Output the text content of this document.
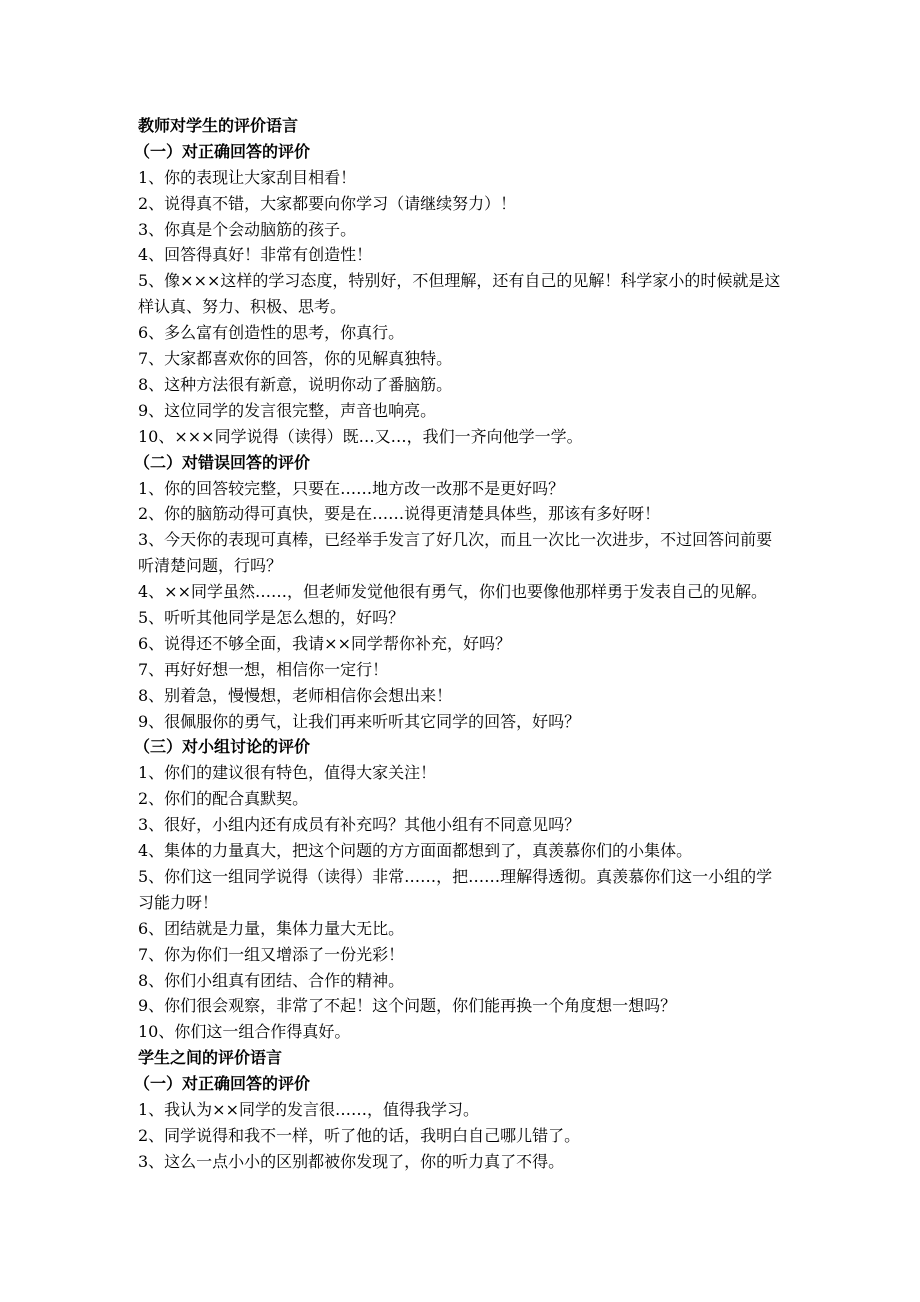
教师对学生的评价语言
（一）对正确回答的评价
1、你的表现让大家刮目相看！
2、说得真不错，大家都要向你学习（请继续努力）！
3、你真是个会动脑筋的孩子。
4、回答得真好！非常有创造性！
5、像×××这样的学习态度，特别好，不但理解，还有自己的见解！科学家小的时候就是这样认真、努力、积极、思考。
6、多么富有创造性的思考，你真行。
7、大家都喜欢你的回答，你的见解真独特。
8、这种方法很有新意，说明你动了番脑筋。
9、这位同学的发言很完整，声音也响亮。
10、×××同学说得（读得）既…又…，我们一齐向他学一学。
（二）对错误回答的评价
1、你的回答较完整，只要在……地方改一改那不是更好吗？
2、你的脑筋动得可真快，要是在……说得更清楚具体些，那该有多好呀！
3、今天你的表现可真棒，已经举手发言了好几次，而且一次比一次进步，不过回答问前要听清楚问题，行吗？
4、××同学虽然……，但老师发觉他很有勇气，你们也要像他那样勇于发表自己的见解。
5、听听其他同学是怎么想的，好吗？
6、说得还不够全面，我请××同学帮你补充，好吗？
7、再好好想一想，相信你一定行！
8、别着急，慢慢想，老师相信你会想出来！
9、很佩服你的勇气，让我们再来听听其它同学的回答，好吗？
（三）对小组讨论的评价
1、你们的建议很有特色，值得大家关注！
2、你们的配合真默契。
3、很好，小组内还有成员有补充吗？其他小组有不同意见吗？
4、集体的力量真大，把这个问题的方方面面都想到了，真羡慕你们的小集体。
5、你们这一组同学说得（读得）非常……，把……理解得透彻。真羡慕你们这一小组的学习能力呀！
6、团结就是力量，集体力量大无比。
7、你为你们一组又增添了一份光彩！
8、你们小组真有团结、合作的精神。
9、你们很会观察，非常了不起！这个问题，你们能再换一个角度想一想吗？
10、你们这一组合作得真好。
学生之间的评价语言
（一）对正确回答的评价
1、我认为××同学的发言很……，值得我学习。
2、同学说得和我不一样，听了他的话，我明白自己哪儿错了。
3、这么一点小小的区别都被你发现了，你的听力真了不得。
